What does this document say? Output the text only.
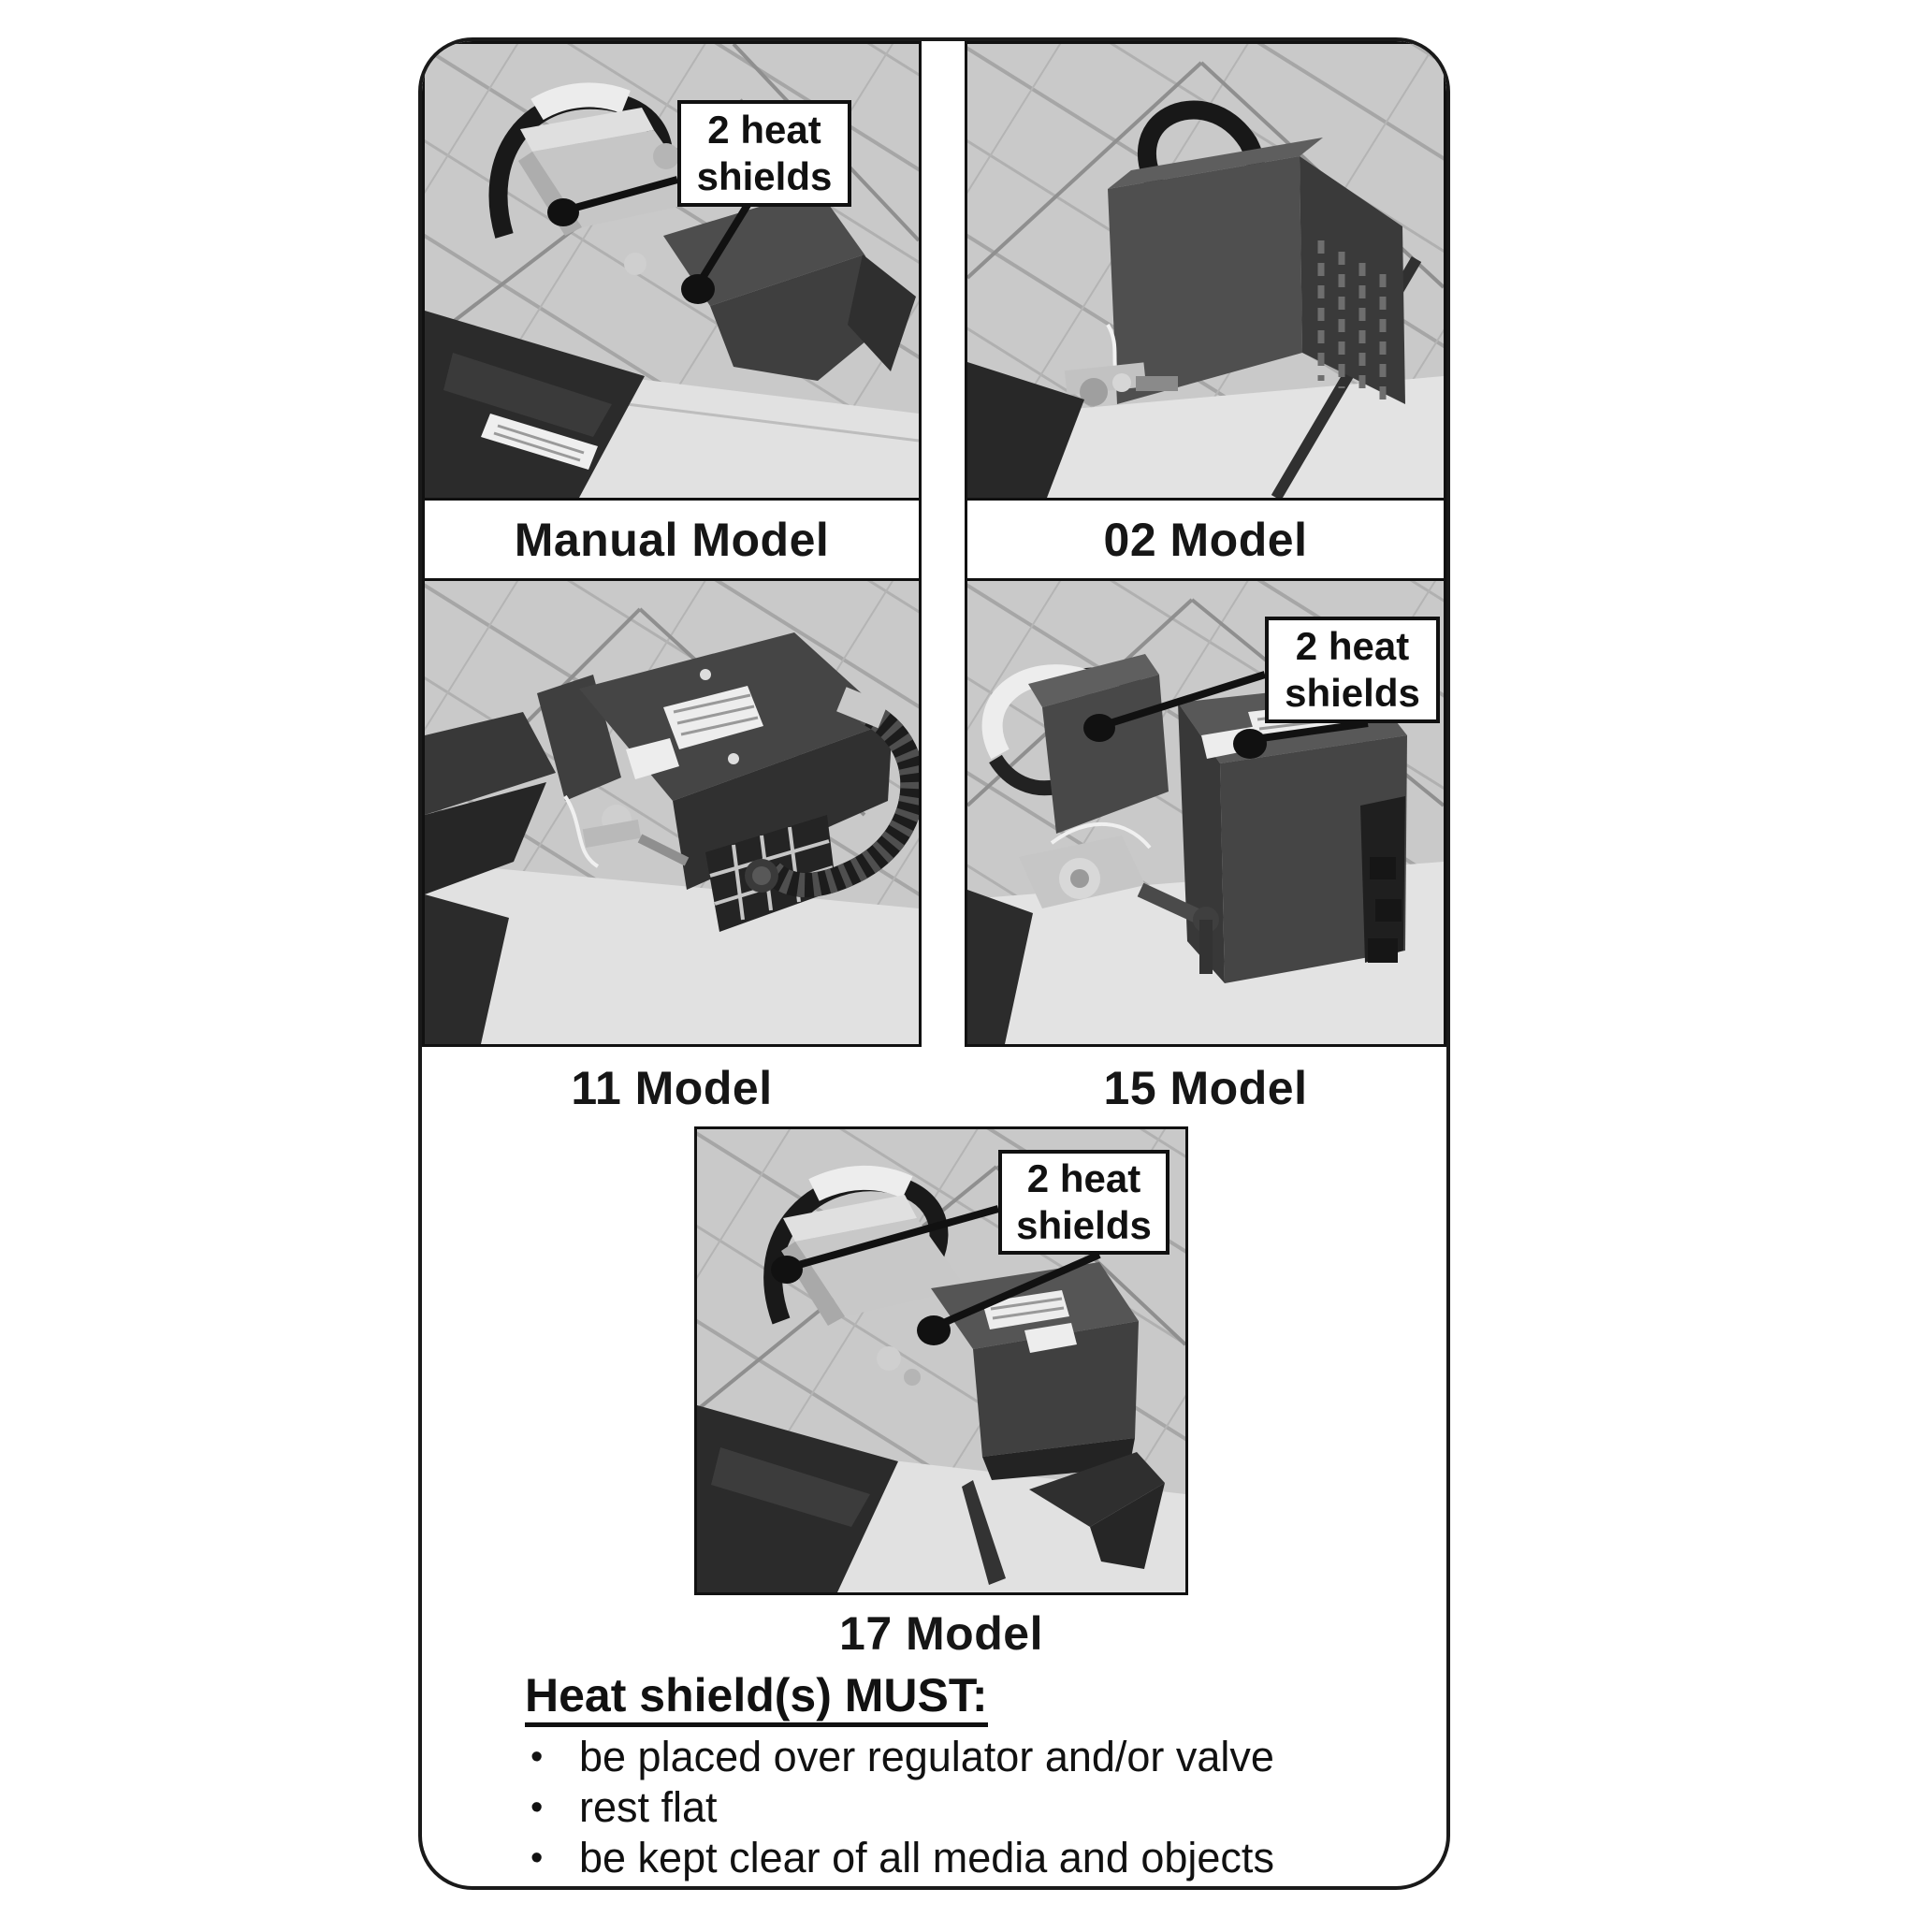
2 heat
shields
Manual Model	02 Model
2 heat
shields
11 Model	15 Model
2 heat
shields
17 Model
Heat shield(s) MUST:
• be placed over regulator and/or valve
• rest flat
• be kept clear of all media and objects
